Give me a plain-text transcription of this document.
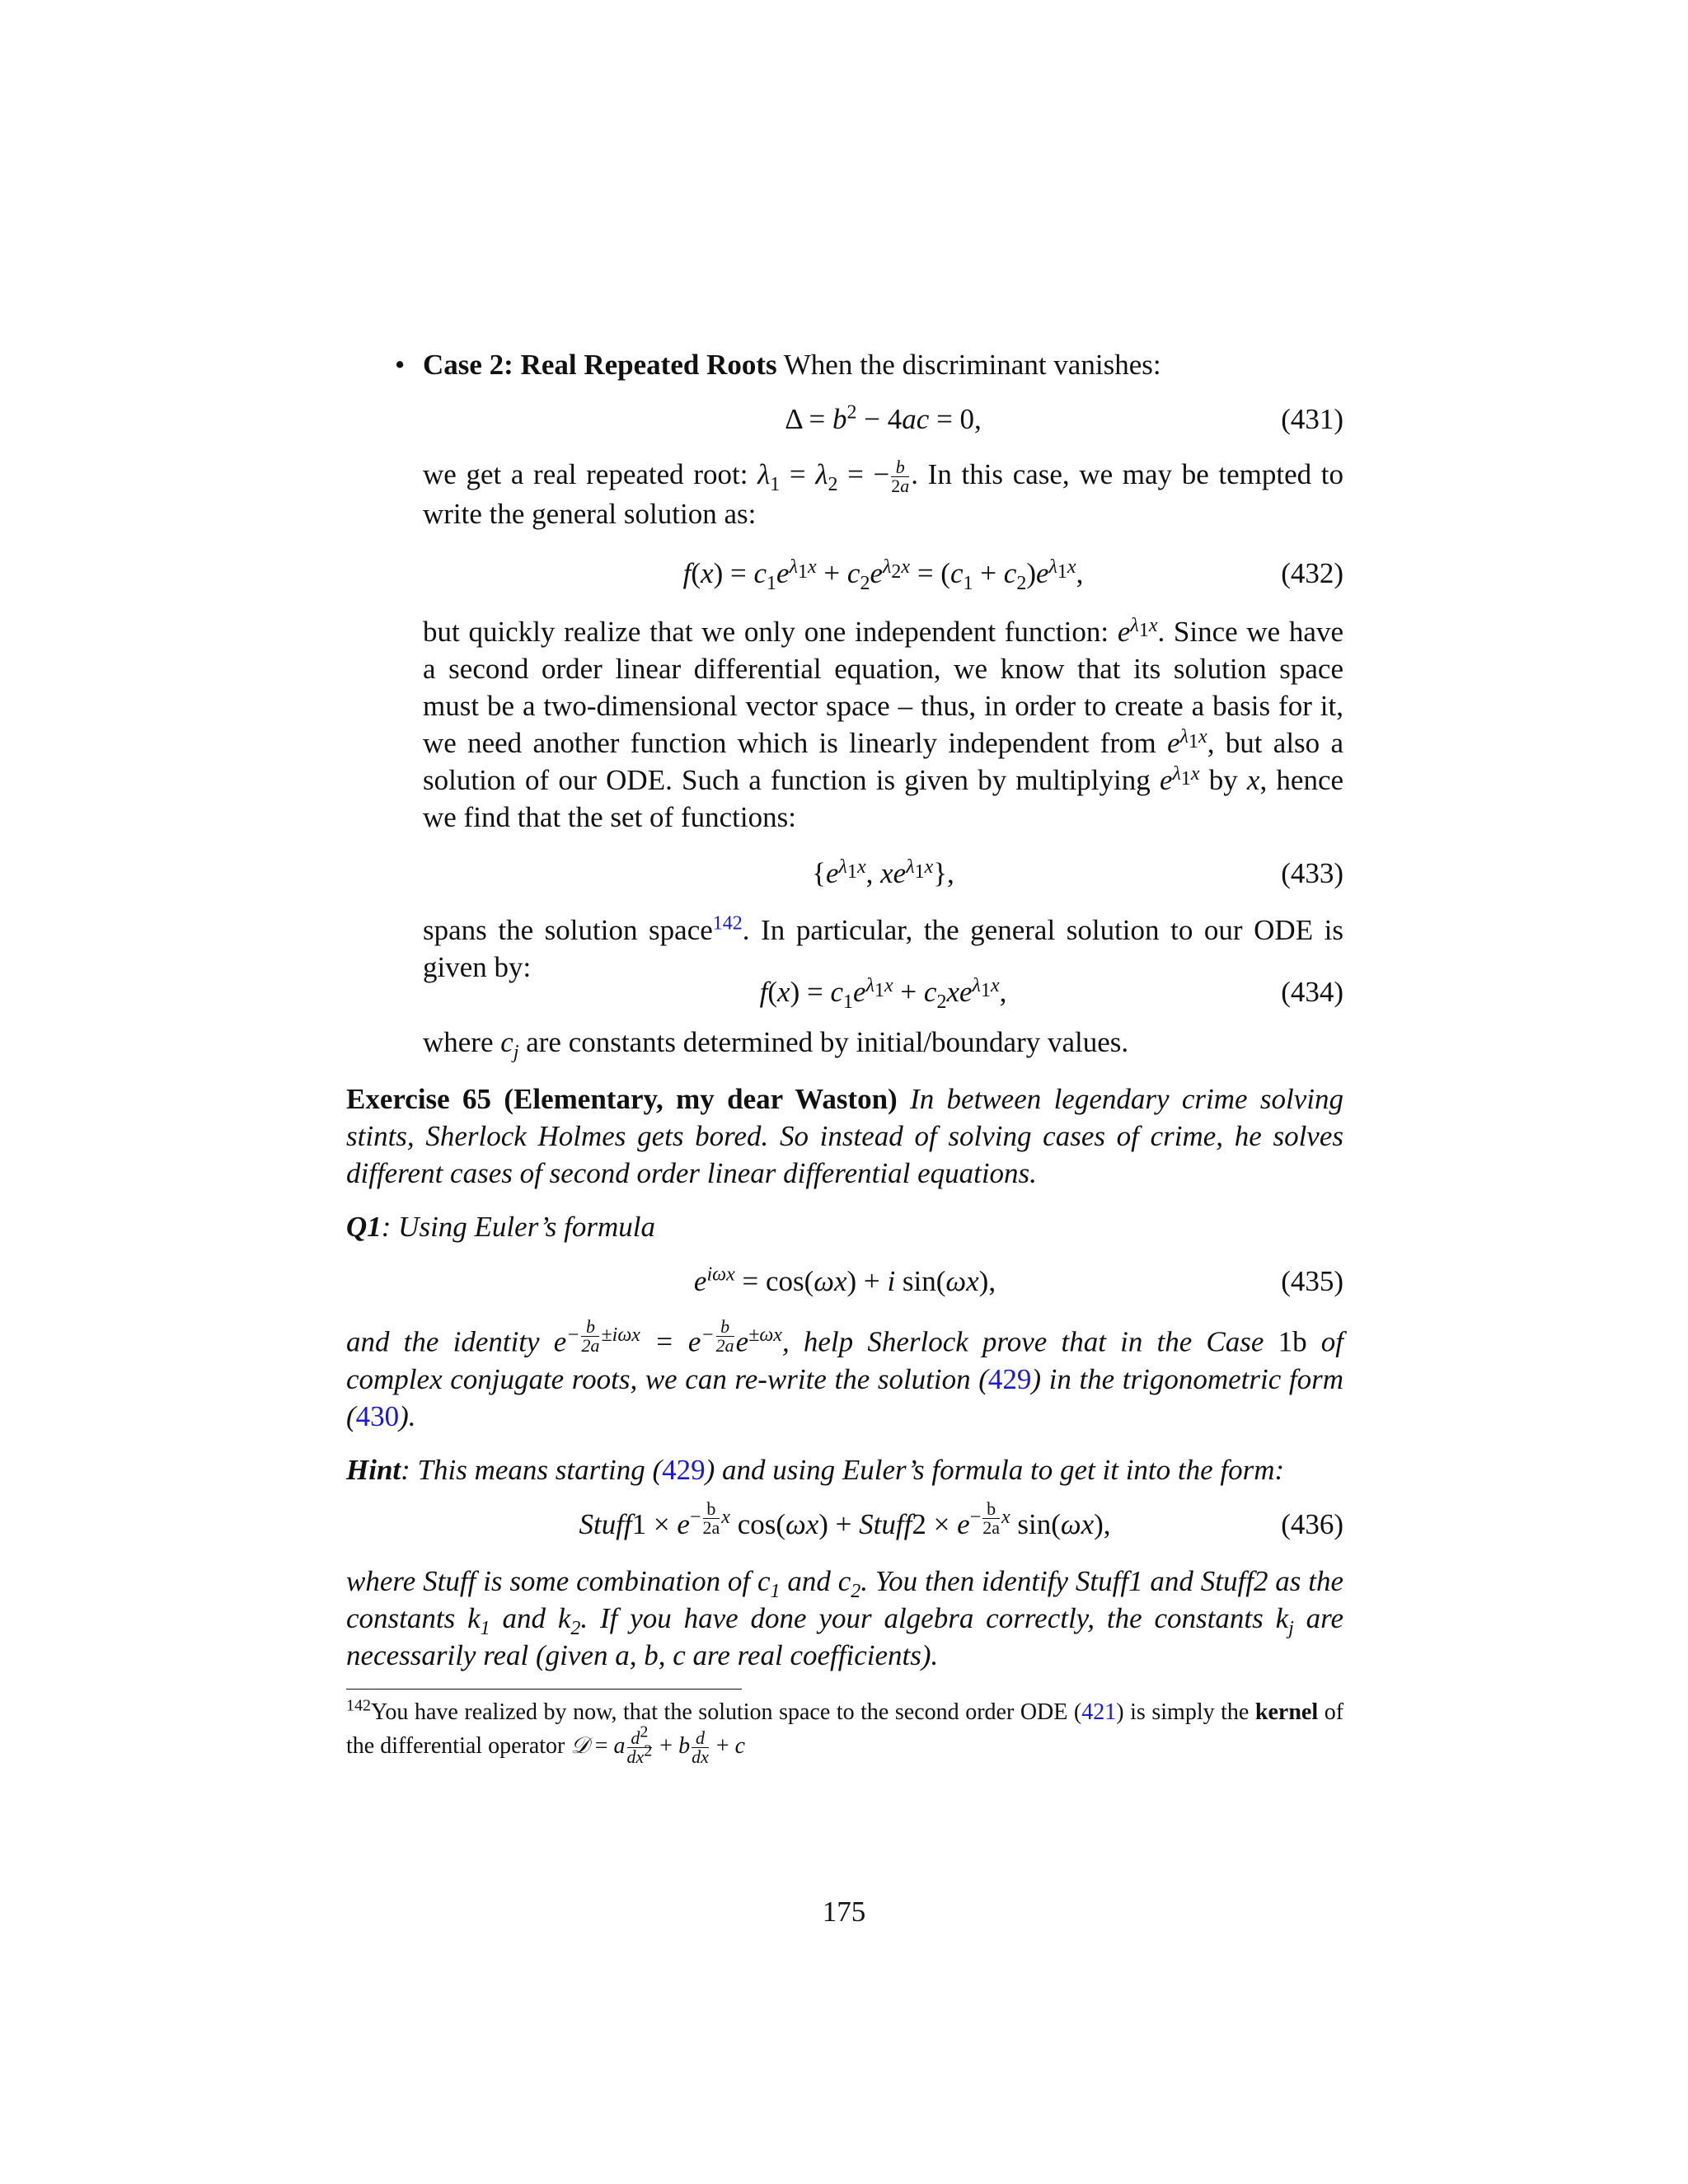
• Case 2: Real Repeated Roots When the discriminant vanishes:
$\Delta = b^2 - 4ac = 0$,	(431)

we get a real repeated root: $\lambda_1 = \lambda_2$ = − $\frac{b}{2a}$ . In this case, we may be tempted to write the general solution as:

$f(x) = c_1e^{\lambda_1x} + c_2e^{\lambda_2x} = (c_1 + c_2)e^{\lambda_1x}$,	(432)

but quickly realize that we only one independent function: $e^{\lambda_1x}$. Since we have a second order linear differential equation, we know that its solution space must be a two-dimensional vector space – thus, in order to create a basis for it, we need another function which is linearly independent from $e^{\lambda_1x}$, but also a solution of our ODE. Such a function is given by multiplying $e^{\lambda_1x}$ by x, hence we find that the set of functions:

{$e^{\lambda_1x}$, $xe^{\lambda_1x}$},	(433)

spans the solution space$^{142}$. In particular, the general solution to our ODE is given by:

$f(x) = c_1e^{\lambda_1x} + c_2xe^{\lambda_1x}$,	(434)

where $c_j$ are constants determined by initial/boundary values.

Exercise 65 (Elementary, my dear Waston) In between legendary crime solving stints, Sherlock Holmes gets bored. So instead of solving cases of crime, he solves different cases of second order linear differential equations.

Q1: Using Euler’s formula

$e^{i\omega x} = \cos(\omega x) + i$ sin(ωx),	(435)

and the identity $e^{- \frac{b}{2a} \pm i\omega x} = e^{- \frac{b}{2a}}$ $e^{\pm\omega x}$, help Sherlock prove that in the Case 1b of complex conjugate roots, we can re-write the solution (429) in the trigonometric form (430).

Hint: This means starting (429) and using Euler’s formula to get it into the form:

Stuff1 × $e^{- \frac{b}{2a} x}$ cos(ωx) + Stuff2 × $e^{- \frac{b}{2a} x}$ sin(ωx),	(436)

where Stuff is some combination of $c_1$ and $c_2$. You then identify Stuff1 and Stuff2 as the constants $k_1$ and $k_2$. If you have done your algebra correctly, the constants $k_j$ are necessarily real (given a, b, c are real coefficients).

$^{142}$You have realized by now, that the solution space to the second order ODE (421) is simply the kernel of the differential operator 𝒟 = a $\frac{d^2}{dx^2} + b \frac{d}{dx} + c$

175
